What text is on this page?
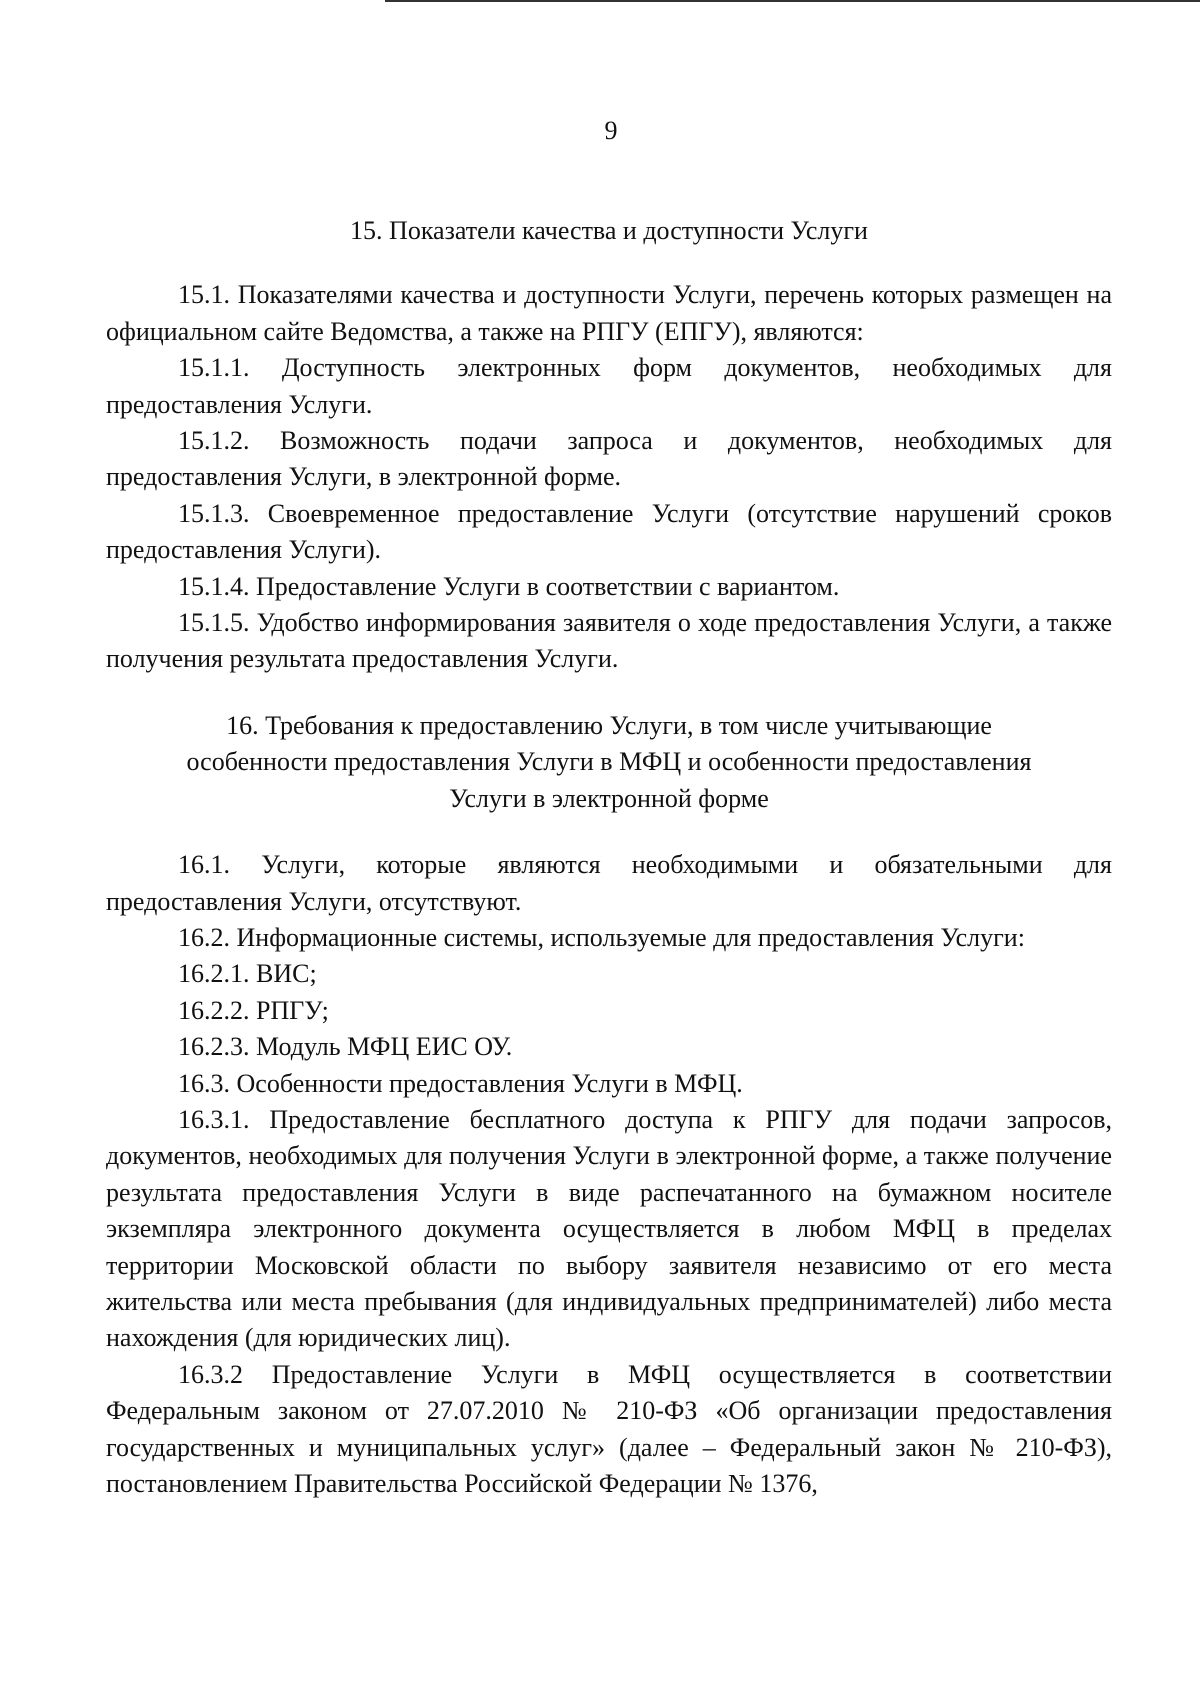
9
15. Показатели качества и доступности Услуги

15.1. Показателями качества и доступности Услуги, перечень которых размещен на официальном сайте Ведомства, а также на РПГУ (ЕПГУ), являются:

15.1.1. Доступность электронных форм документов, необходимых для предоставления Услуги.

15.1.2. Возможность подачи запроса и документов, необходимых для предоставления Услуги, в электронной форме.

15.1.3. Своевременное предоставление Услуги (отсутствие нарушений сроков предоставления Услуги).

15.1.4. Предоставление Услуги в соответствии с вариантом.

15.1.5. Удобство информирования заявителя о ходе предоставления Услуги, а также получения результата предоставления Услуги.

16. Требования к предоставлению Услуги, в том числе учитывающие
особенности предоставления Услуги в МФЦ и особенности предоставления
Услуги в электронной форме

16.1. Услуги, которые являются необходимыми и обязательными для предоставления Услуги, отсутствуют.

16.2. Информационные системы, используемые для предоставления Услуги:

16.2.1. ВИС;

16.2.2. РПГУ;

16.2.3. Модуль МФЦ ЕИС ОУ.

16.3. Особенности предоставления Услуги в МФЦ.

16.3.1. Предоставление бесплатного доступа к РПГУ для подачи запросов, документов, необходимых для получения Услуги в электронной форме, а также получение результата предоставления Услуги в виде распечатанного на бумажном носителе экземпляра электронного документа осуществляется в любом МФЦ в пределах территории Московской области по выбору заявителя независимо от его места жительства или места пребывания (для индивидуальных предпринимателей) либо места нахождения (для юридических лиц).

16.3.2 Предоставление Услуги в МФЦ осуществляется в соответствии Федеральным законом от 27.07.2010 № 210-ФЗ «Об организации предоставления государственных и муниципальных услуг» (далее – Федеральный закон № 210-ФЗ), постановлением Правительства Российской Федерации № 1376,
